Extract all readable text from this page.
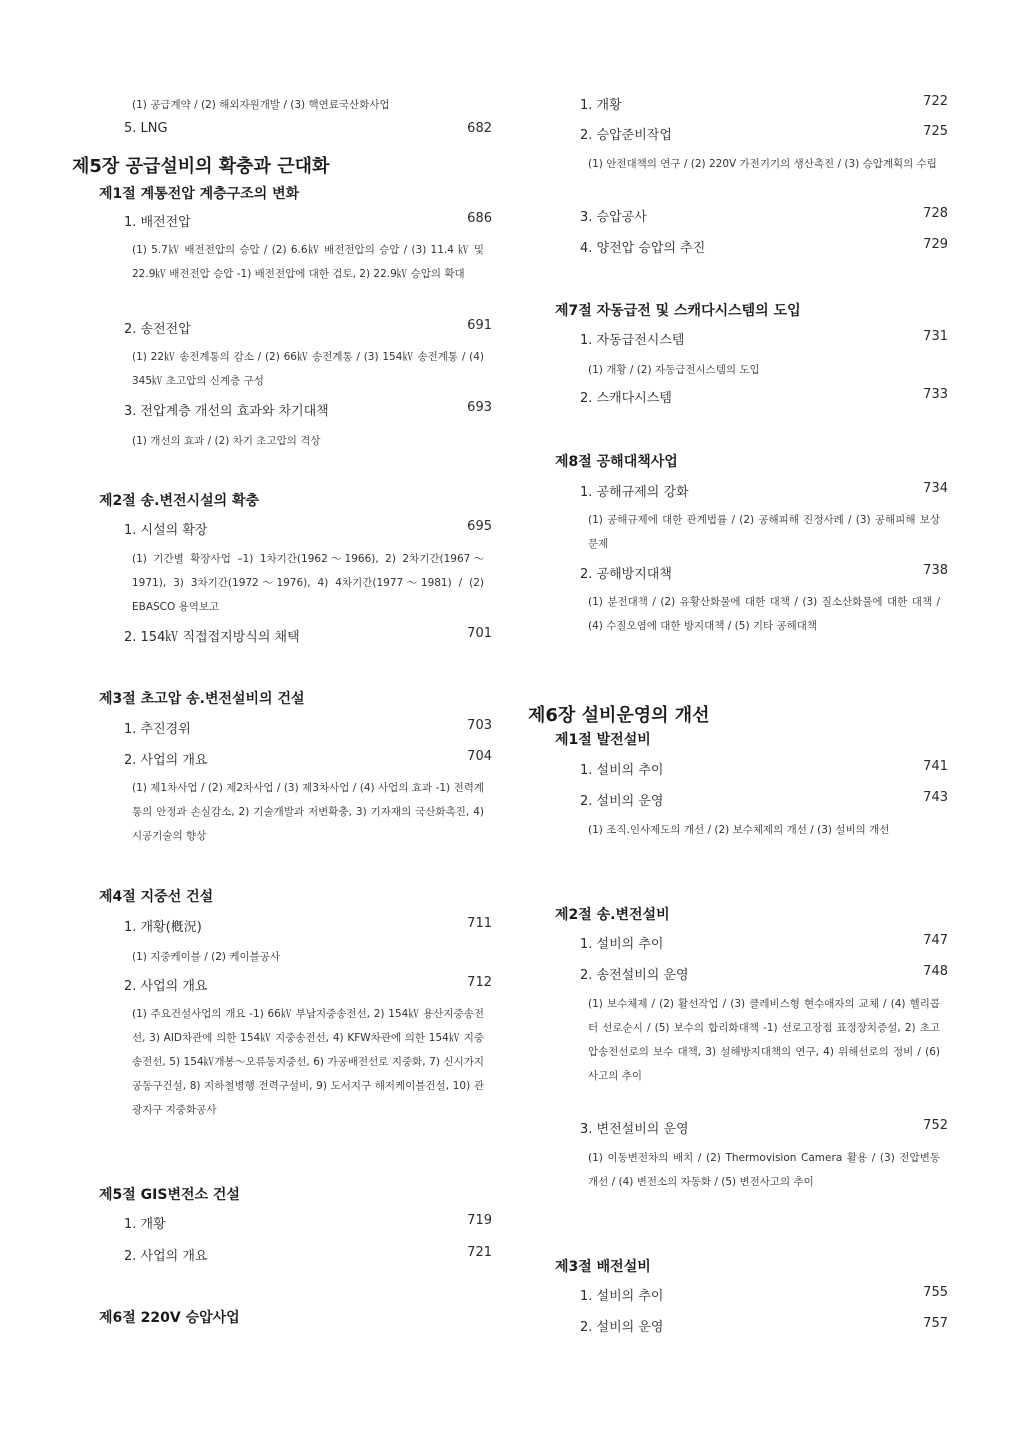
(1) 공급계약 / (2) 해외자원개발 / (3) 핵연료국산화사업
5. LNG	682
제5장 공급설비의 확충과 근대화
제1절 계통전압 계층구조의 변화
1. 배전전압	686
(1) 5.7㎸ 배전전압의 승압 / (2) 6.6㎸ 배전전압의 승압 / (3) 11.4 ㎸ 및 22.9㎸ 배전전압 승압 -1) 배전전압에 대한 검토, 2) 22.9㎸ 승압의 확대
2. 송전전압	691
(1) 22㎸ 송전계통의 감소 / (2) 66㎸ 송전계통 / (3) 154㎸ 송전계통 / (4) 345㎸ 초고압의 신계층 구성
3. 전압계층 개선의 효과와 차기대책	693
(1) 개선의 효과 / (2) 차기 초고압의 격상
제2절 송.변전시설의 확충
1. 시설의 확장	695
(1) 기간별 확장사업 –1) 1차기간(1962～1966), 2) 2차기간(1967～1971), 3) 3차기간(1972～1976), 4) 4차기간(1977～1981) / (2) EBASCO 용역보고
2. 154㎸ 직접접지방식의 채택	701
제3절 초고압 송.변전설비의 건설
1. 추진경위	703
2. 사업의 개요	704
(1) 제1차사업 / (2) 제2차사업 / (3) 제3차사업 / (4) 사업의 효과 -1) 전력계통의 안정과 손실감소, 2) 기술개발과 저변확충, 3) 기자재의 국산화촉진, 4) 시공기술의 향상
제4절 지중선 건설
1. 개황(槪況)	711
(1) 지중케이블 / (2) 케이블공사
2. 사업의 개요	712
(1) 주요건설사업의 개요 -1) 66㎸ 부남지중송전선, 2) 154㎸ 용산지중송전선, 3) AID차관에 의한 154㎸ 지중송전선, 4) KFW차관에 의한 154㎸ 지중송전선, 5) 154㎸개봉～오류동지중선, 6) 가공배전선로 지중화, 7) 신시가지 공동구건설, 8) 지하철병행 전력구설비, 9) 도서지구 해저케이블건설, 10) 관광지구 지중화공사
제5절 GIS변전소 건설
1. 개황	719
2. 사업의 개요	721
제6절 220V 승압사업
1. 개황	722
2. 승압준비작업	725
(1) 안전대책의 연구 / (2) 220V 가전기기의 생산촉진 / (3) 승압계획의 수립
3. 승압공사	728
4. 양전압 승압의 추진	729
제7절 자동급전 및 스캐다시스템의 도입
1. 자동급전시스템	731
(1) 개황 / (2) 자동급전시스템의 도입
2. 스캐다시스템	733
제8절 공해대책사업
1. 공해규제의 강화	734
(1) 공해규제에 대한 관계법률 / (2) 공해피해 진정사례 / (3) 공해피해 보상문제
2. 공해방지대책	738
(1) 분전대책 / (2) 유황산화물에 대한 대책 / (3) 질소산화물에 대한 대책 / (4) 수질오염에 대한 방지대책 / (5) 기타 공해대책
제6장 설비운영의 개선
제1절 발전설비
1. 설비의 추이	741
2. 설비의 운영	743
(1) 조직.인사제도의 개선 / (2) 보수체제의 개선 / (3) 설비의 개선
제2절 송.변전설비
1. 설비의 추이	747
2. 송전설비의 운영	748
(1) 보수체제 / (2) 활선작업 / (3) 클레비스형 현수애자의 교체 / (4) 헬리콥터 선로순시 / (5) 보수의 합리화대책 -1) 선로고장점 표정장치증설, 2) 초고압송전선로의 보수 대책, 3) 설해방지대책의 연구, 4) 위해선로의 정비 / (6) 사고의 추이
3. 변전설비의 운영	752
(1) 이동변전차의 배치 / (2) Thermovision Camera 활용 / (3) 전압변동 개선 / (4) 변전소의 자동화 / (5) 변전사고의 추이
제3절 배전설비
1. 설비의 추이	755
2. 설비의 운영	757
